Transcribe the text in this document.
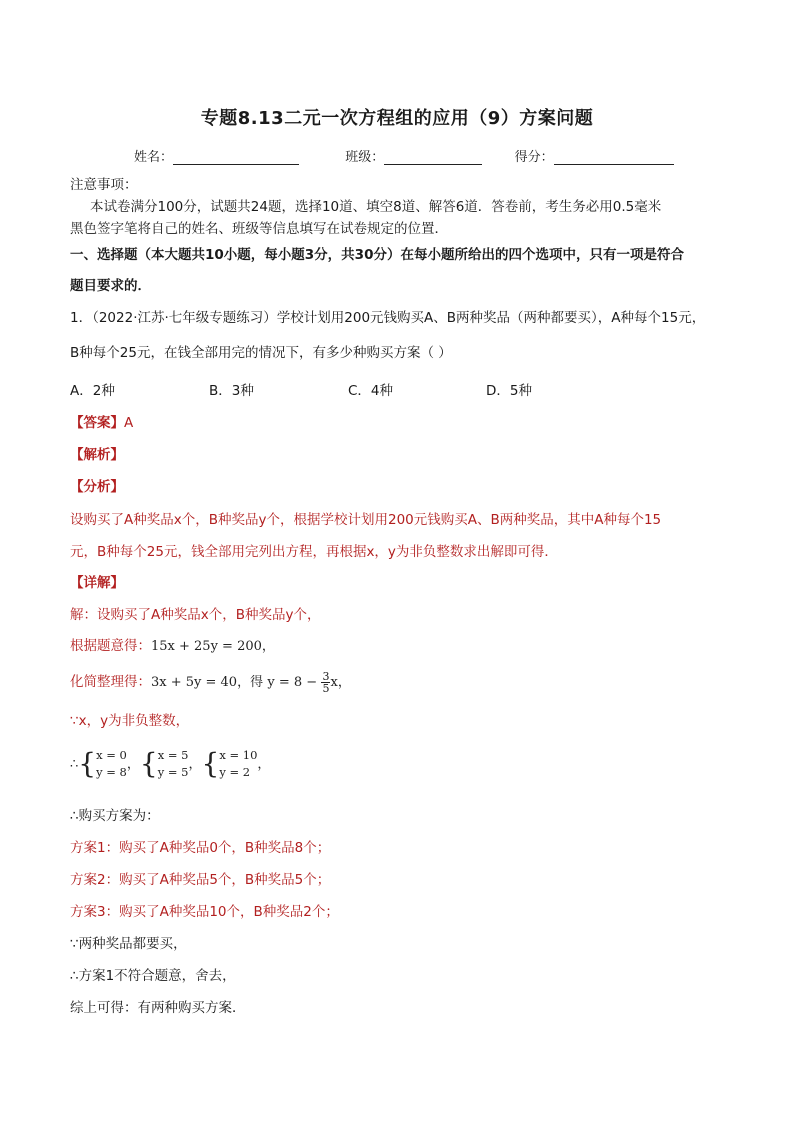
专题8.13二元一次方程组的应用（9）方案问题
姓名：	班级：	得分：
注意事项：
本试卷满分100分，试题共24题，选择10道、填空8道、解答6道．答卷前，考生务必用0.5毫米
黑色签字笔将自己的姓名、班级等信息填写在试卷规定的位置．
一、选择题（本大题共10小题，每小题3分，共30分）在每小题所给出的四个选项中，只有一项是符合
题目要求的．
1．（2022·江苏·七年级专题练习）学校计划用200元钱购买A、B两种奖品（两种都要买），A种每个15元，
B种每个25元，在钱全部用完的情况下，有多少种购买方案（ ）
A．2种	B．3种	C．4种	D．5种
【答案】A
【解析】
【分析】
设购买了A种奖品x个，B种奖品y个，根据学校计划用200元钱购买A、B两种奖品，其中A种每个15
元，B种每个25元，钱全部用完列出方程，再根据x，y为非负整数求出解即可得．
【详解】
解：设购买了A种奖品x个，B种奖品y个，
根据题意得：15x + 25y = 200，
化简整理得：3x + 5y = 40，得 $y = 8 - \frac{3}{5}$ x，
∵x，y为非负整数，
∴{ x = 0
y = 8 ，{ x = 5
y = 5 ，{ x = 10
y = 2 ，
∴购买方案为：
方案1：购买了A种奖品0个，B种奖品8个；
方案2：购买了A种奖品5个，B种奖品5个；
方案3：购买了A种奖品10个，B种奖品2个；
∵两种奖品都要买，
∴方案1不符合题意，舍去，
综上可得：有两种购买方案．
